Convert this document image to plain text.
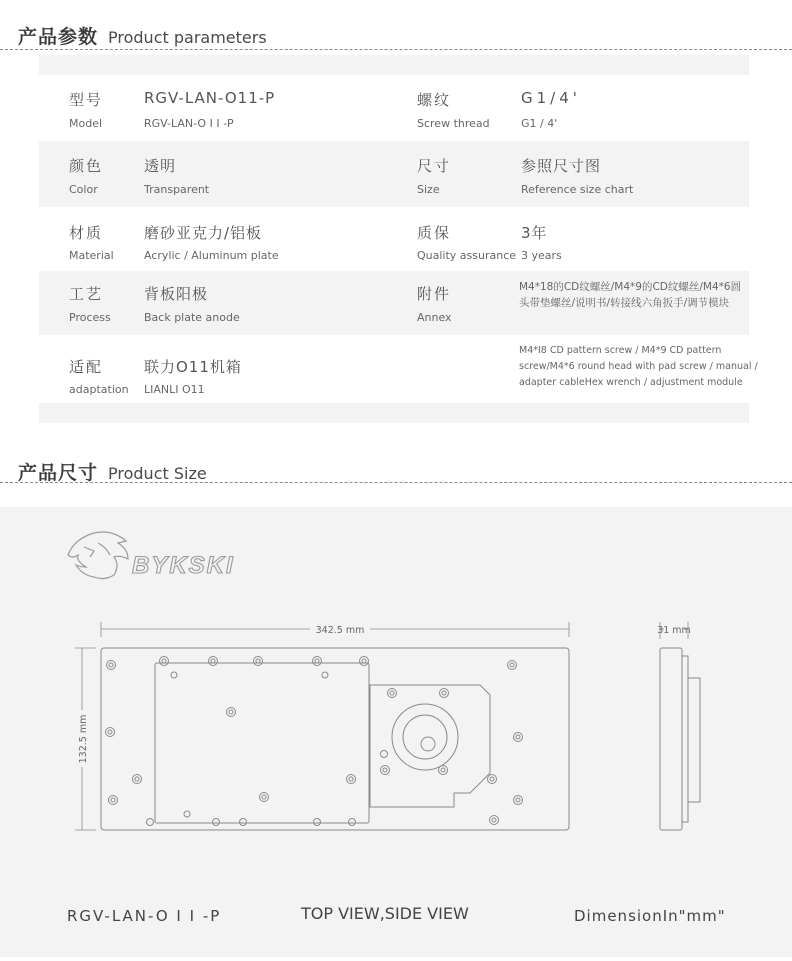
产品参数 Product parameters
型号
Model
RGV-LAN-O11-P
RGV-LAN-O I I -P
螺纹
Screw thread
G1/4'
G1 / 4'
颜色
Color
透明
Transparent
尺寸
Size
参照尺寸图
Reference size chart
材质
Material
磨砂亚克力/铝板
Acrylic / Aluminum plate
质保
Quality assurance
3年
3 years
工艺
Process
背板阳极
Back plate anode
附件
Annex
M4*18的CD纹螺丝/M4*9的CD纹螺丝/M4*6圆头带垫螺丝/说明书/转接线六角扳手/调节模块
适配
adaptation
联力O11机箱
LIANLI O11
M4*I8 CD pattern screw / M4*9 CD pattern screw/M4*6 round head with pad screw / manual / adapter cableHex wrench / adjustment module
产品尺寸 Product Size
BYKSKI
342.5 mm
132.5 mm
31 mm
RGV-LAN-O I I -P	TOP VIEW,SIDE VIEW	DimensionIn"mm"
